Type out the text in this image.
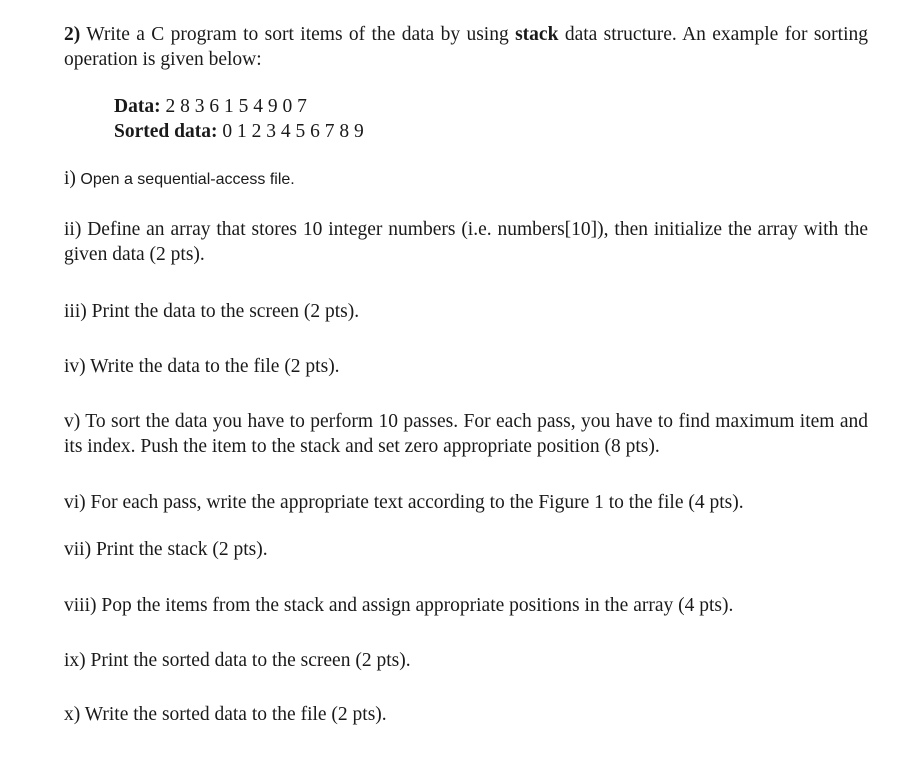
2) Write a C program to sort items of the data by using stack data structure. An example for sorting operation is given below:

Data: 2 8 3 6 1 5 4 9 0 7
Sorted data: 0 1 2 3 4 5 6 7 8 9

i) Open a sequential-access file.

ii) Define an array that stores 10 integer numbers (i.e. numbers[10]), then initialize the array with the given data (2 pts).

iii) Print the data to the screen (2 pts).

iv) Write the data to the file (2 pts).

v) To sort the data you have to perform 10 passes. For each pass, you have to find maximum item and its index. Push the item to the stack and set zero appropriate position (8 pts).

vi) For each pass, write the appropriate text according to the Figure 1 to the file (4 pts).

vii) Print the stack (2 pts).

viii) Pop the items from the stack and assign appropriate positions in the array (4 pts).

ix) Print the sorted data to the screen (2 pts).

x) Write the sorted data to the file (2 pts).
